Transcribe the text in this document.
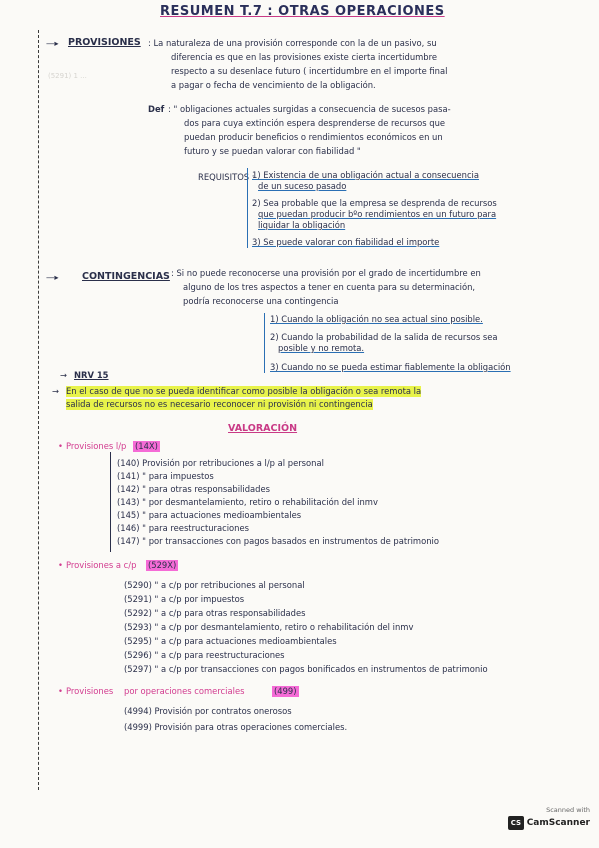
(5291) 1 ...
RESUMEN T.7 : OTRAS OPERACIONES
—▸ PROVISIONES : La naturaleza de una provisión corresponde con la de un pasivo, su
diferencia es que en las provisiones existe cierta incertidumbre
respecto a su desenlace futuro ( incertidumbre en el importe final
a pagar o fecha de vencimiento de la obligación.
Def : " obligaciones actuales surgidas a consecuencia de sucesos pasa-
dos para cuya extinción espera desprenderse de recursos que
puedan producir beneficios o rendimientos económicos en un
futuro y se puedan valorar con fiabilidad "
REQUISITOS :
1) Existencia de una obligación actual a consecuencia
de un suceso pasado
2) Sea probable que la empresa se desprenda de recursos
que puedan producir bºo rendimientos en un futuro para
liquidar la obligación
3) Se puede valorar con fiabilidad el importe
—▸ CONTINGENCIAS : Si no puede reconocerse una provisión por el grado de incertidumbre en
alguno de los tres aspectos a tener en cuenta para su determinación,
podría reconocerse una contingencia
1) Cuando la obligación no sea actual sino posible.
2) Cuando la probabilidad de la salida de recursos sea
posible y no remota.
3) Cuando no se pueda estimar fiablemente la obligación
→ NRV 15
→ En el caso de que no se pueda identificar como posible la obligación o sea remota la
salida de recursos no es necesario reconocer ni provisión ni contingencia
VALORACIÓN
• Provisiones l/p (14X)
(140) Provisión por retribuciones a l/p al personal
(141) " para impuestos
(142) " para otras responsabilidades
(143) " por desmantelamiento, retiro o rehabilitación del inmv
(145) " para actuaciones medioambientales
(146) " para reestructuraciones
(147) " por transacciones con pagos basados en instrumentos de patrimonio
• Provisiones a c/p (529X)
(5290) " a c/p por retribuciones al personal
(5291) " a c/p por impuestos
(5292) " a c/p para otras responsabilidades
(5293) " a c/p por desmantelamiento, retiro o rehabilitación del inmv
(5295) " a c/p para actuaciones medioambientales
(5296) " a c/p para reestructuraciones
(5297) " a c/p por transacciones con pagos bonificados en instrumentos de patrimonio
• Provisiones por operaciones comerciales	(499)
(4994) Provisión por contratos onerosos
(4999) Provisión para otras operaciones comerciales.
Scanned with
CS CamScanner
